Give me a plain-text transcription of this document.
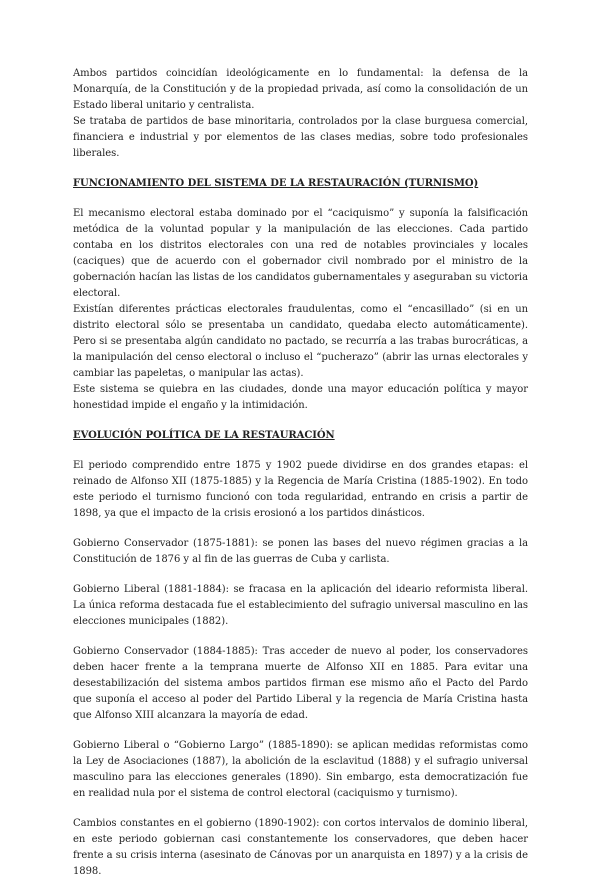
Ambos partidos coincidían ideológicamente en lo fundamental: la defensa de la Monarquía, de la Constitución y de la propiedad privada, así como la consolidación de un Estado liberal unitario y centralista.

Se trataba de partidos de base minoritaria, controlados por la clase burguesa comercial, financiera e industrial y por elementos de las clases medias, sobre todo profesionales liberales.

FUNCIONAMIENTO DEL SISTEMA DE LA RESTAURACIÓN (TURNISMO)

El mecanismo electoral estaba dominado por el “caciquismo” y suponía la falsificación metódica de la voluntad popular y la manipulación de las elecciones. Cada partido contaba en los distritos electorales con una red de notables provinciales y locales (caciques) que de acuerdo con el gobernador civil nombrado por el ministro de la gobernación hacían las listas de los candidatos gubernamentales y aseguraban su victoria electoral.

Existían diferentes prácticas electorales fraudulentas, como el “encasillado” (si en un distrito electoral sólo se presentaba un candidato, quedaba electo automáticamente). Pero si se presentaba algún candidato no pactado, se recurría a las trabas burocráticas, a la manipulación del censo electoral o incluso el “pucherazo” (abrir las urnas electorales y cambiar las papeletas, o manipular las actas).

Este sistema se quiebra en las ciudades, donde una mayor educación política y mayor honestidad impide el engaño y la intimidación.

EVOLUCIÓN POLÍTICA DE LA RESTAURACIÓN

El periodo comprendido entre 1875 y 1902 puede dividirse en dos grandes etapas: el reinado de Alfonso XII (1875-1885) y la Regencia de María Cristina (1885-1902). En todo este periodo el turnismo funcionó con toda regularidad, entrando en crisis a partir de 1898, ya que el impacto de la crisis erosionó a los partidos dinásticos.

Gobierno Conservador (1875-1881): se ponen las bases del nuevo régimen gracias a la Constitución de 1876 y al fin de las guerras de Cuba y carlista.

Gobierno Liberal (1881-1884): se fracasa en la aplicación del ideario reformista liberal. La única reforma destacada fue el establecimiento del sufragio universal masculino en las elecciones municipales (1882).

Gobierno Conservador (1884-1885): Tras acceder de nuevo al poder, los conservadores deben hacer frente a la temprana muerte de Alfonso XII en 1885. Para evitar una desestabilización del sistema ambos partidos firman ese mismo año el Pacto del Pardo que suponía el acceso al poder del Partido Liberal y la regencia de María Cristina hasta que Alfonso XIII alcanzara la mayoría de edad.

Gobierno Liberal o “Gobierno Largo” (1885-1890): se aplican medidas reformistas como la Ley de Asociaciones (1887), la abolición de la esclavitud (1888) y el sufragio universal masculino para las elecciones generales (1890). Sin embargo, esta democratización fue en realidad nula por el sistema de control electoral (caciquismo y turnismo).

Cambios constantes en el gobierno (1890-1902): con cortos intervalos de dominio liberal, en este periodo gobiernan casi constantemente los conservadores, que deben hacer frente a su crisis interna (asesinato de Cánovas por un anarquista en 1897) y a la crisis de 1898.
